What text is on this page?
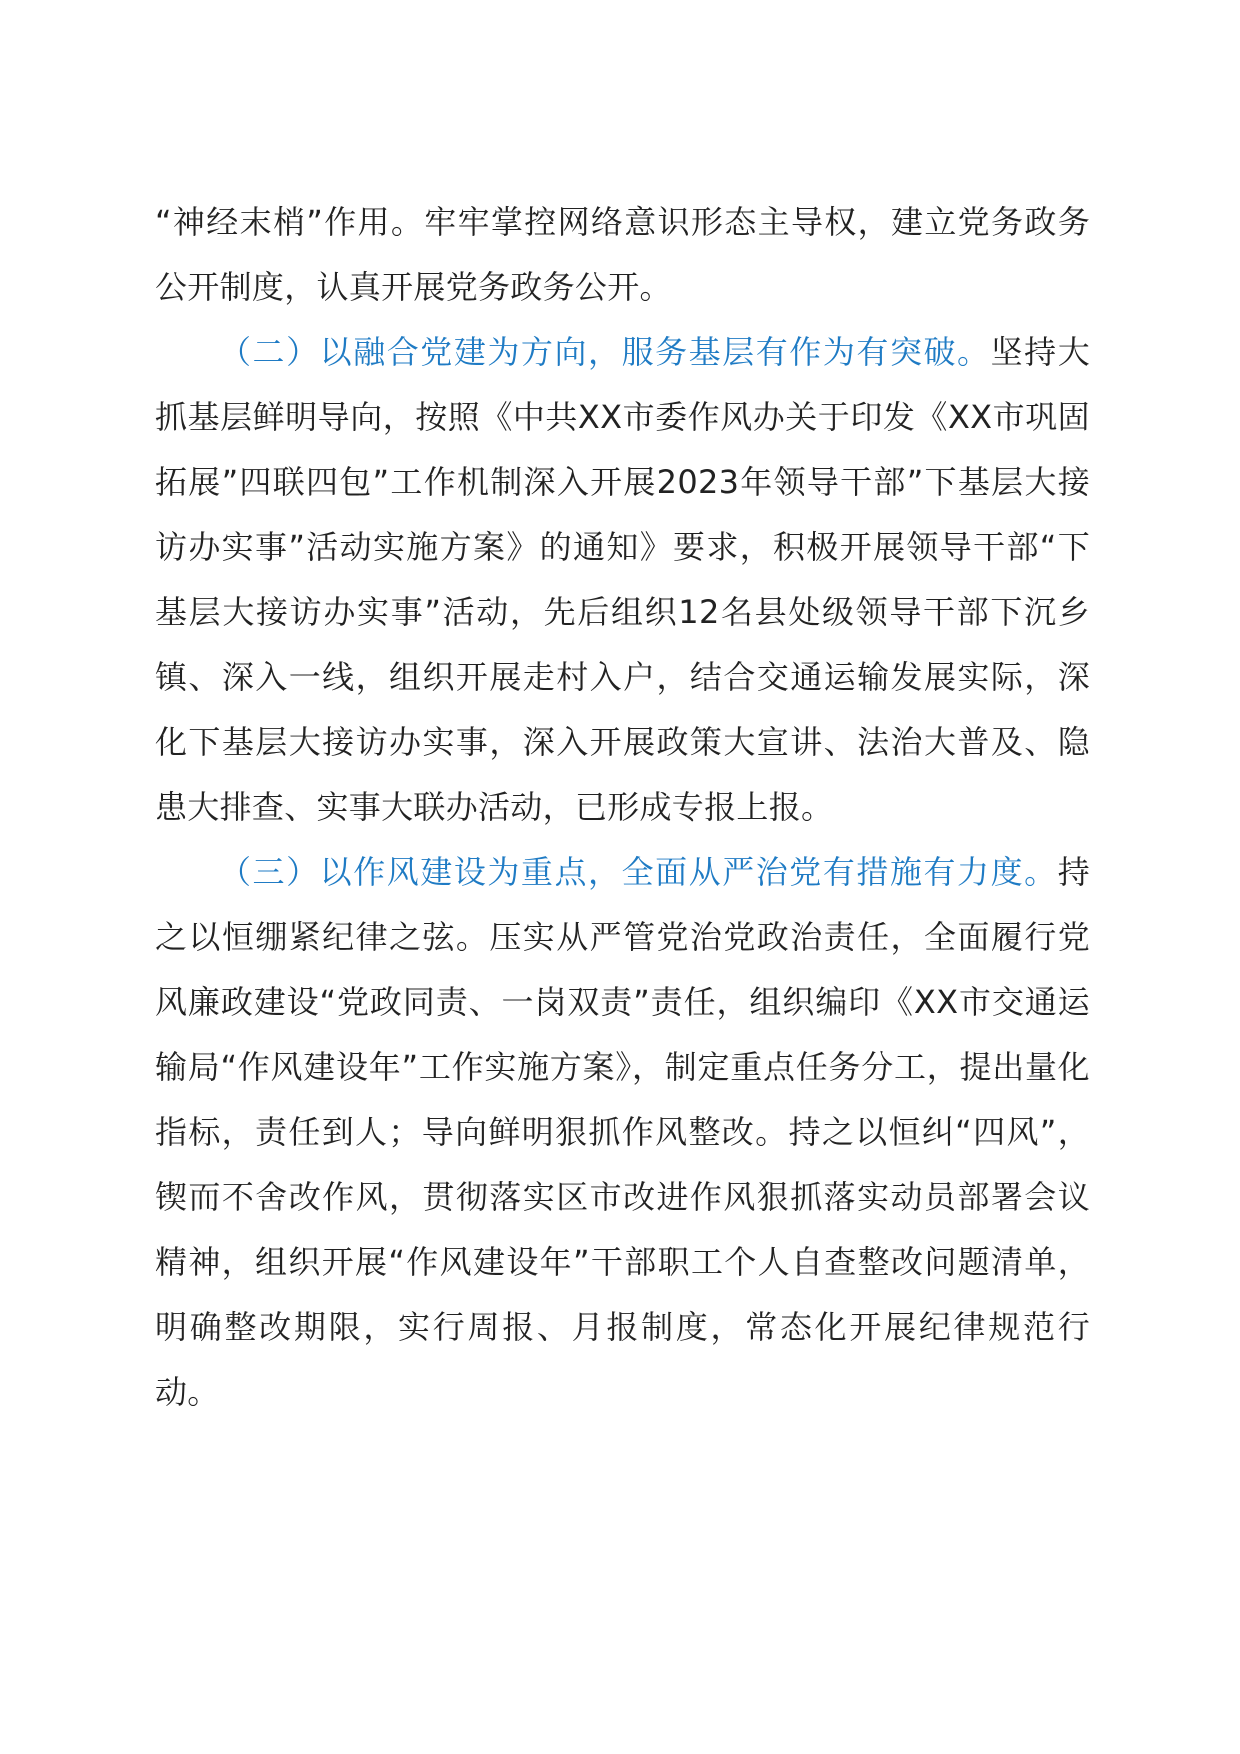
“神经末梢”作用。牢牢掌控网络意识形态主导权，建立党务政务公开制度，认真开展党务政务公开。

（二）以融合党建为方向，服务基层有作为有突破。坚持大抓基层鲜明导向，按照《中共XX市委作风办关于印发《XX市巩固拓展”四联四包”工作机制深入开展2023年领导干部”下基层大接访办实事”活动实施方案》的通知》要求，积极开展领导干部“下基层大接访办实事”活动，先后组织12名县处级领导干部下沉乡镇、深入一线，组织开展走村入户，结合交通运输发展实际，深化下基层大接访办实事，深入开展政策大宣讲、法治大普及、隐患大排查、实事大联办活动，已形成专报上报。

（三）以作风建设为重点，全面从严治党有措施有力度。持之以恒绷紧纪律之弦。压实从严管党治党政治责任，全面履行党风廉政建设“党政同责、一岗双责”责任，组织编印《XX市交通运输局“作风建设年”工作实施方案》，制定重点任务分工，提出量化指标，责任到人；导向鲜明狠抓作风整改。持之以恒纠“四风”，锲而不舍改作风，贯彻落实区市改进作风狠抓落实动员部署会议精神，组织开展“作风建设年”干部职工个人自查整改问题清单，明确整改期限，实行周报、月报制度，常态化开展纪律规范行动。
